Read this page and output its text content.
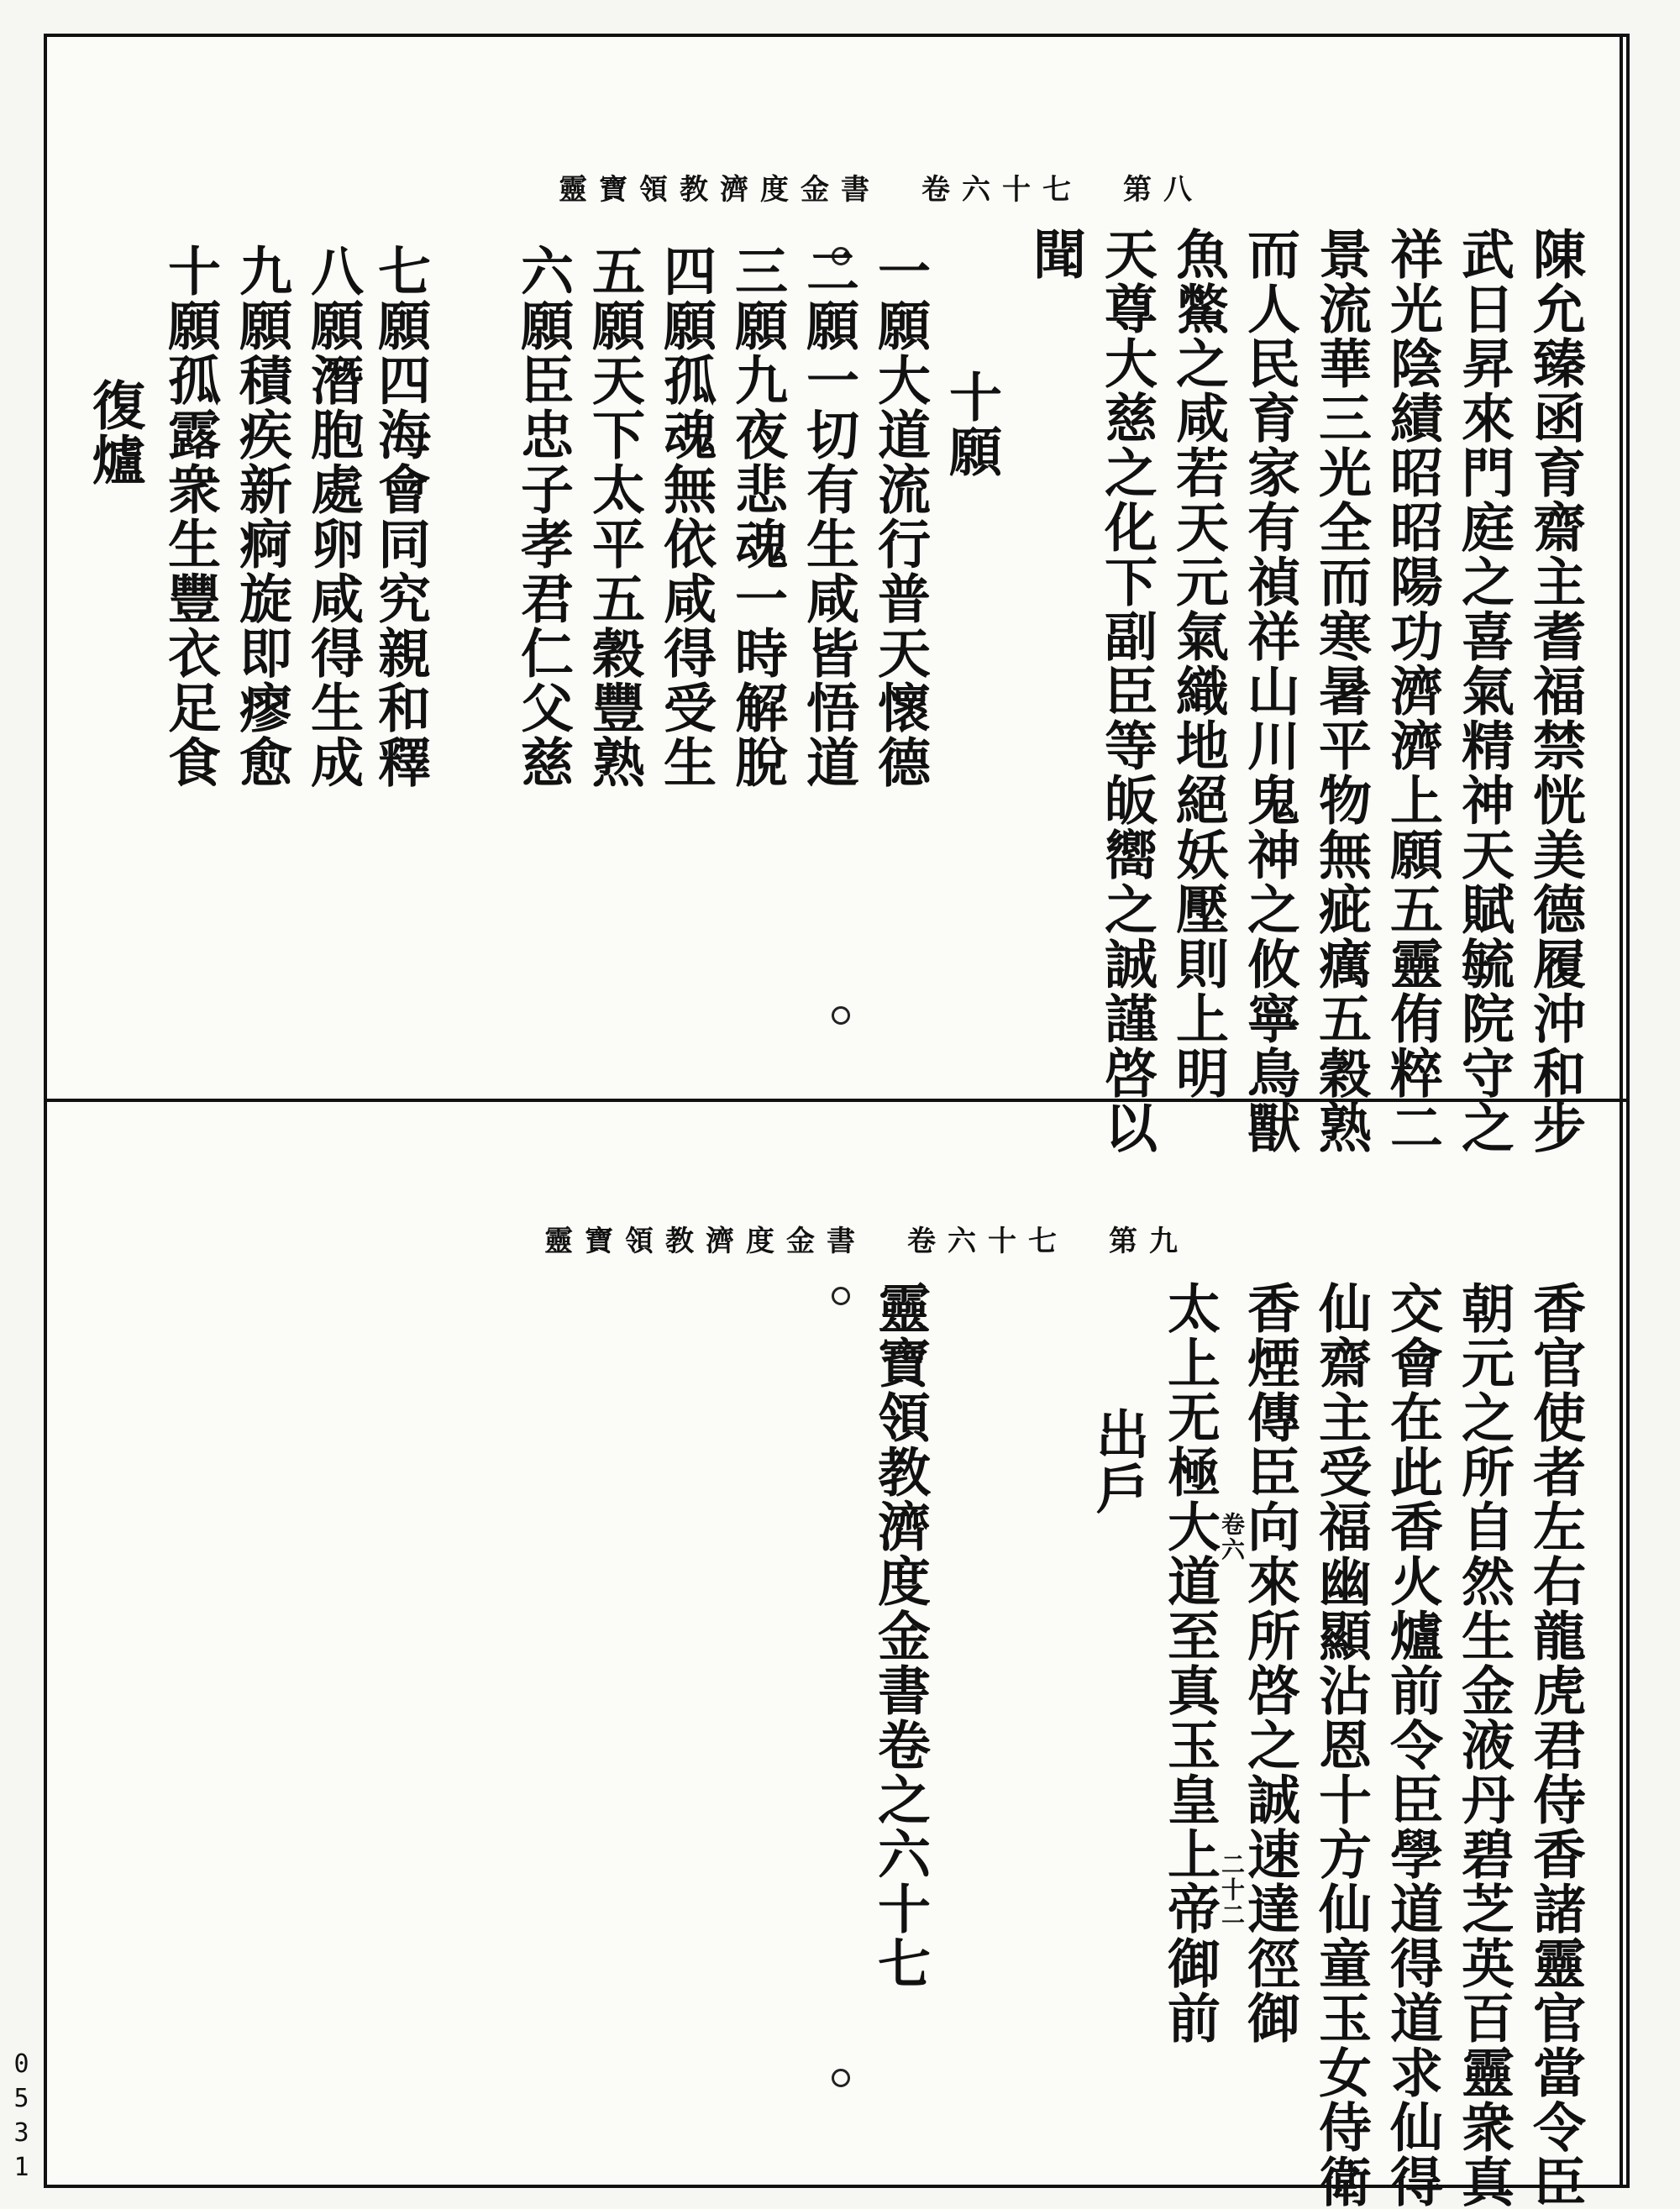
靈寶領教濟度金書　卷六十七　第八
陳允臻函育齋主耆福禁恍美德履沖和步
武日昇來門庭之喜氣精神天賦毓院守之
祥光陰績昭昭陽功濟濟上願五靈侑粹二
景流華三光全而寒暑平物無疵癘五穀熟
而人民育家有禎祥山川鬼神之攸寧鳥獸
魚鱉之咸若天元氣織地絕妖壓則上明
天尊大慈之化下副臣等皈嚮之誠謹啓以
聞
十願
一願大道流行普天懷德
二願一切有生咸皆悟道
三願九夜悲魂一時解脫
四願孤魂無依咸得受生
五願天下太平五穀豐熟
六願臣忠子孝君仁父慈
七願四海會同究親和釋
八願潛胞處卵咸得生成
九願積疾新痾旋即瘳愈
十願孤露衆生豐衣足食
復爐
靈寶領教濟度金書　卷六十七　第九
香官使者左右龍虎君侍香諸靈官當令臣
朝元之所自然生金液丹碧芝英百靈衆真
交會在此香火爐前令臣學道得道求仙得
仙齋主受福幽顯沾恩十方仙童玉女侍衛
香煙傳臣向來所啓之誠速達徑御
二十二
太上无極大道至真玉皇上帝御前
卷六
出戶
靈寶領教濟度金書卷之六十七
0531
